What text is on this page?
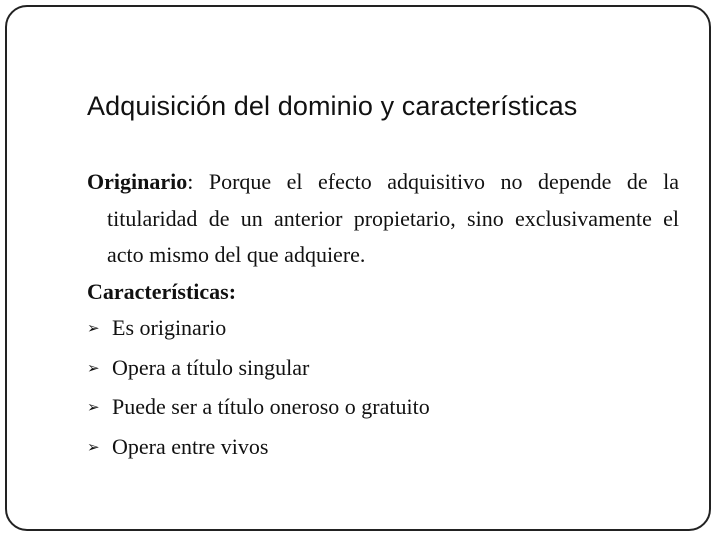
Adquisición del dominio y características

Originario: Porque el efecto adquisitivo no depende de la titularidad de un anterior propietario, sino exclusivamente el acto mismo del que adquiere.

Características:

➢ Es originario
➢ Opera a título singular
➢ Puede ser a título oneroso o gratuito
➢ Opera entre vivos
